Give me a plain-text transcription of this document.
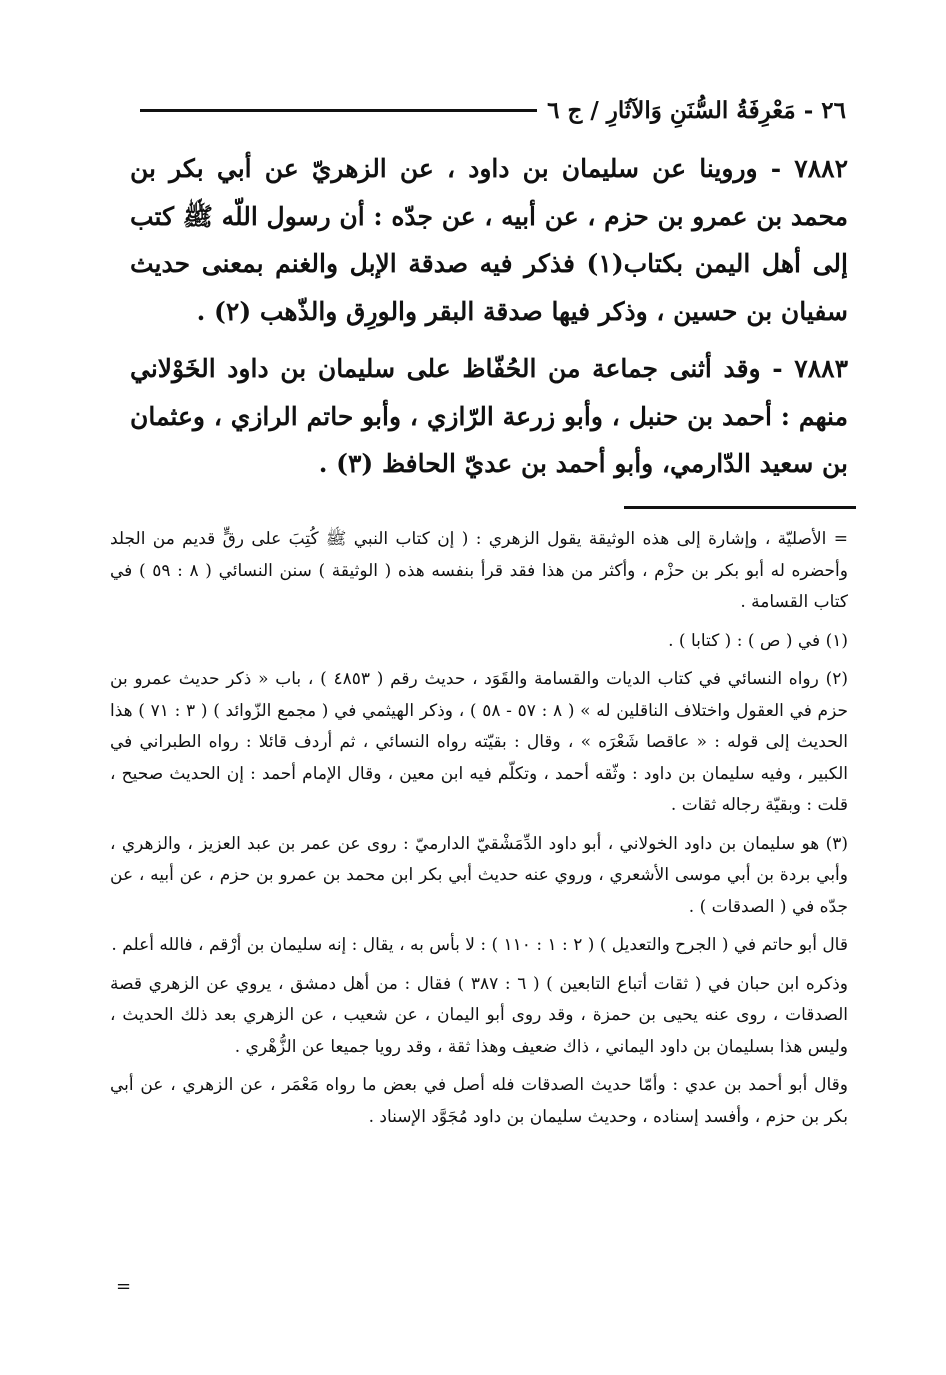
٢٦ - مَعْرِفَةُ السُّنَنِ وَالآثَارِ / ج ٦

٧٨٨٢ - وروينا عن سليمان بن داود ، عن الزهريّ عن أبي بكر بن محمد بن عمرو بن حزم ، عن أبيه ، عن جدّه : أن رسول اللّه ﷺ كتب إلى أهل اليمن بكتاب(١) فذكر فيه صدقة الإبل والغنم بمعنى حديث سفيان بن حسين ، وذكر فيها صدقة البقر والورِق والذّهب (٢) .

٧٨٨٣ - وقد أثنى جماعة من الحُفّاظ على سليمان بن داود الخَوْلاني منهم : أحمد بن حنبل ، وأبو زرعة الرّازي ، وأبو حاتم الرازي ، وعثمان بن سعيد الدّارمي، وأبو أحمد بن عديّ الحافظ (٣) .

= الأصليّة ، وإشارة إلى هذه الوثيقة يقول الزهري : ( إن كتاب النبي ﷺ كُتِبَ على رقٍّ قديم من الجلد وأحضره له أبو بكر بن حزْم ، وأكثر من هذا فقد قرأ بنفسه هذه ( الوثيقة ) سنن النسائي ( ٨ : ٥٩ ) في كتاب القسامة .

(١) في ( ص ) : ( كتابا ) .

(٢) رواه النسائي في كتاب الديات والقسامة والقَوَد ، حديث رقم ( ٤٨٥٣ ) ، باب « ذكر حديث عمرو بن حزم في العقول واختلاف الناقلين له » ( ٨ : ٥٧ - ٥٨ ) ، وذكر الهيثمي في ( مجمع الزّوائد ) ( ٣ : ٧١ ) هذا الحديث إلى قوله : « عاقصا شَعْرَه » ، وقال : بقيّته رواه النسائي ، ثم أردف قائلا : رواه الطبراني في الكبير ، وفيه سليمان بن داود : وثّقه أحمد ، وتكلّم فيه ابن معين ، وقال الإمام أحمد : إن الحديث صحيح ، قلت : وبقيّة رجاله ثقات .

(٣) هو سليمان بن داود الخولاني ، أبو داود الدِّمَشْقيّ الدارميّ : روى عن عمر بن عبد العزيز ، والزهري ، وأبي بردة بن أبي موسى الأشعري ، وروي عنه حديث أبي بكر ابن محمد بن عمرو بن حزم ، عن أبيه ، عن جدّه في ( الصدقات ) .

قال أبو حاتم في ( الجرح والتعديل ) ( ٢ : ١ : ١١٠ ) : لا بأس به ، يقال : إنه سليمان بن أرْقم ، فالله أعلم .

وذكره ابن حبان في ( ثقات أتباع التابعين ) ( ٦ : ٣٨٧ ) فقال : من أهل دمشق ، يروي عن الزهري قصة الصدقات ، روى عنه يحيى بن حمزة ، وقد روى أبو اليمان ، عن شعيب ، عن الزهري بعد ذلك الحديث ، وليس هذا بسليمان بن داود اليماني ، ذاك ضعيف وهذا ثقة ، وقد رويا جميعا عن الزُّهْري .

وقال أبو أحمد بن عدي : وأمّا حديث الصدقات فله أصل في بعض ما رواه مَعْمَر ، عن الزهري ، عن أبي بكر بن حزم ، وأفسد إسناده ، وحديث سليمان بن داود مُجَوَّد الإسناد .

=
